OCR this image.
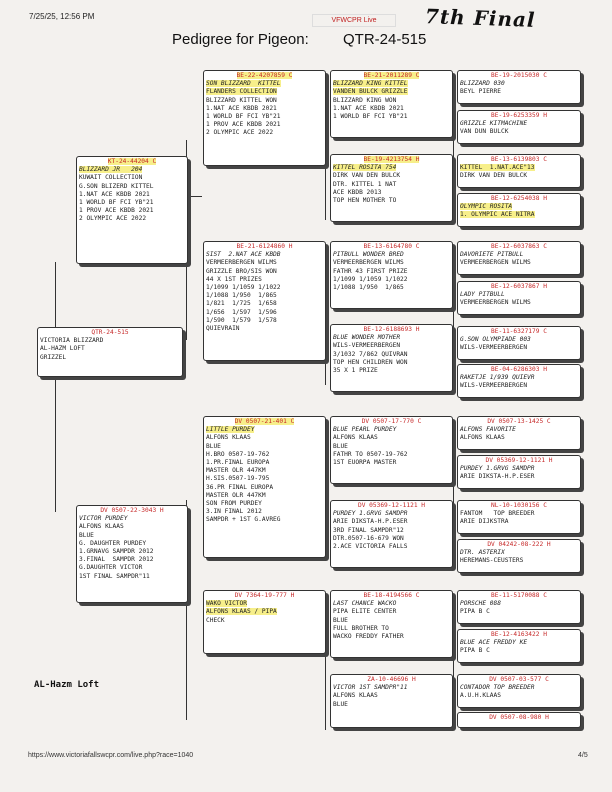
7/25/25, 12:56 PM	VFWCPR Live	7th Final
Pedigree for Pigeon: QTR-24-515
QTR-24-515
VICTORIA BLIZZARD
AL-HAZM LOFT
GRIZZEL
KT-24-44204 C
BLIZZARD JR   204
KUWAIT COLLECTION
G.SON BLIZERD KITTEL
1.NAT ACE KBDB 2021
1 WORLD BF FCI YB"21
1 PROV ACE KBDB 2021
2 OLYMPIC ACE 2022
DV 0507-22-3043 H
VICTOR PURDEY
ALFONS KLAAS
BLUE
G. DAUGHTER PURDEY
1.GRNAVG SAMPDR 2012
3.FINAL  SAMPDR 2012
G.DAUGHTER VICTOR
1ST FINAL SAMPDR"11
BE-22-4207859 C
SON BLIZZARD  KITTEL
FLANDERS COLLECTION
BLIZZARD KITTEL WON
1.NAT ACE KBDB 2021
1 WORLD BF FCI YB"21
1 PROV ACE KBDB 2021
2 OLYMPIC ACE 2022
BE-21-6124860 H
SIST  2.NAT ACE KBDB
VERMEERBERGEN WILMS
GRIZZLE BRO/SIS WON
44 X 1ST PRIZES
1/1099 1/1059 1/1022
1/1088 1/950  1/865
1/821  1/725  1/658
1/656  1/597  1/596
1/590  1/579  1/578
QUIEVRAIN
DV 0507-21-401 C
LITTLE PURDEY
ALFONS KLAAS
BLUE
H.BRO 0507-19-762
1.PR.FINAL EUROPA
MASTER OLR 447KM
H.SIS.0507-19-795
36.PR FINAL EUROPA
MASTER OLR 447KM
SON FROM PURDEY
3.IN FINAL 2012
SAMPDR + 1ST G.AVREG
DV 7364-19-777 H
WAKO VICTOR
ALFONS KLAAS / PIPA
CHECK
BE-21-2011289 C
BLIZZARD KING KITTEL
VANDEN BULCK GRIZZLE
BLIZZARD KING WON
1.NAT ACE KBDB 2021
1 WORLD BF FCI YB"21
BE-19-4213754 H
KITTEL ROSITA 754
DIRK VAN DEN BULCK
DTR. KITTEL 1 NAT
ACE KBDB 2013
TOP HEN MOTHER TO
BE-13-6164780 C
PITBULL WONDER BRED
VERMEERBERGEN WILMS
FATHR 43 FIRST PRIZE
1/1099 1/1059 1/1022
1/1088 1/950  1/865
BE-12-6188693 H
BLUE WONDER MOTHER
WILS-VERMEERBERGEN
3/1032 7/862 QUIVRAN
TOP HEN CHILDREN WON
35 X 1 PRIZE
DV 0507-17-770 C
BLUE PEARL PURDEY
ALFONS KLAAS
BLUE
FATHR TO 0507-19-762
1ST EUORPA MASTER
DV 05369-12-1121 H
PURDEY 1.GRVG SAMDPR
ARIE DIKSTA-H.P.ESER
3RD FINAL SAMPDR"12
DTR.0507-16-679 WON
2.ACE VICTORIA FALLS
BE-18-4194566 C
LAST CHANCE WACKO
PIPA ELITE CENTER
BLUE
FULL BROTHER TO
WACKO FREDDY FATHER
ZA-10-46696 H
VICTOR 1ST SAMDPR"11
ALFONS KLAAS
BLUE
BE-19-2015030 C
BLIZZARD 030
BEYL PIERRE
BE-19-6253359 H
GRIZZLE KITMACHINE
VAN DUN BULCK
BE-13-6139803 C
KITTEL  1.NAT.ACE"13
DIRK VAN DEN BULCK
BE-12-6254038 H
OLYMPIC ROSITA
1. OLYMPIC ACE NITRA
BE-12-6037863 C
DAVORIETE PITBULL
VERMEERBERGEN WILMS
BE-12-6037867 H
LADY PITBULL
VERMEERBERGEN WILMS
BE-11-6327179 C
G.SON OLYMPIADE 003
WILS-VERMEERBERGEN
BE-04-6286303 H
RAKETJE 1/939 QUIEVR
WILS-VERMEERBERGEN
DV 0507-13-1425 C
ALFONS FAVORITE
ALFONS KLAAS
DV 05369-12-1121 H
PURDEY 1.GRVG SAMDPR
ARIE DIKSTA-H.P.ESER
NL-10-1030156 C
FANTOM   TOP BREEDER
ARIE DIJKSTRA
DV 04242-08-222 H
DTR. ASTERIX
HEREMANS-CEUSTERS
BE-11-5170088 C
PORSCHE 088
PIPA B C
BE-12-4163422 H
BLUE ACE FREDDY KE
PIPA B C
DV 0507-03-577 C
CONTADOR TOP BREEDER
A.U.H.KLAAS
DV 0507-08-980 H
AL-Hazm Loft
https://www.victoriafallswcpr.com/live.php?race=1040	4/5
